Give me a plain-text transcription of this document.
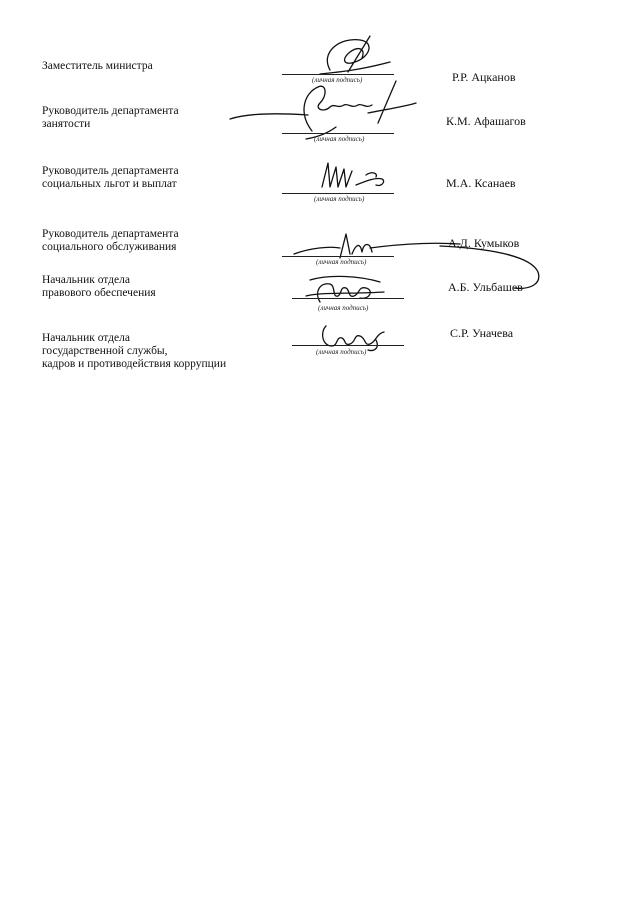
Заместитель министра
(личная подпись)	Р.Р. Ацканов
Руководитель департамента
занятости
(личная подпись)
К.М. Афашагов
Руководитель департамента
социальных льгот и выплат
(личная подпись)
М.А. Ксанаев
Руководитель департамента
социального обслуживания
(личная подпись)
А.Д. Кумыков
Начальник отдела
правового обеспечения
(личная подпись)
А.Б. Ульбашев
Начальник отдела
государственной службы,
кадров и противодействия коррупции
(личная подпись)
С.Р. Уначева
